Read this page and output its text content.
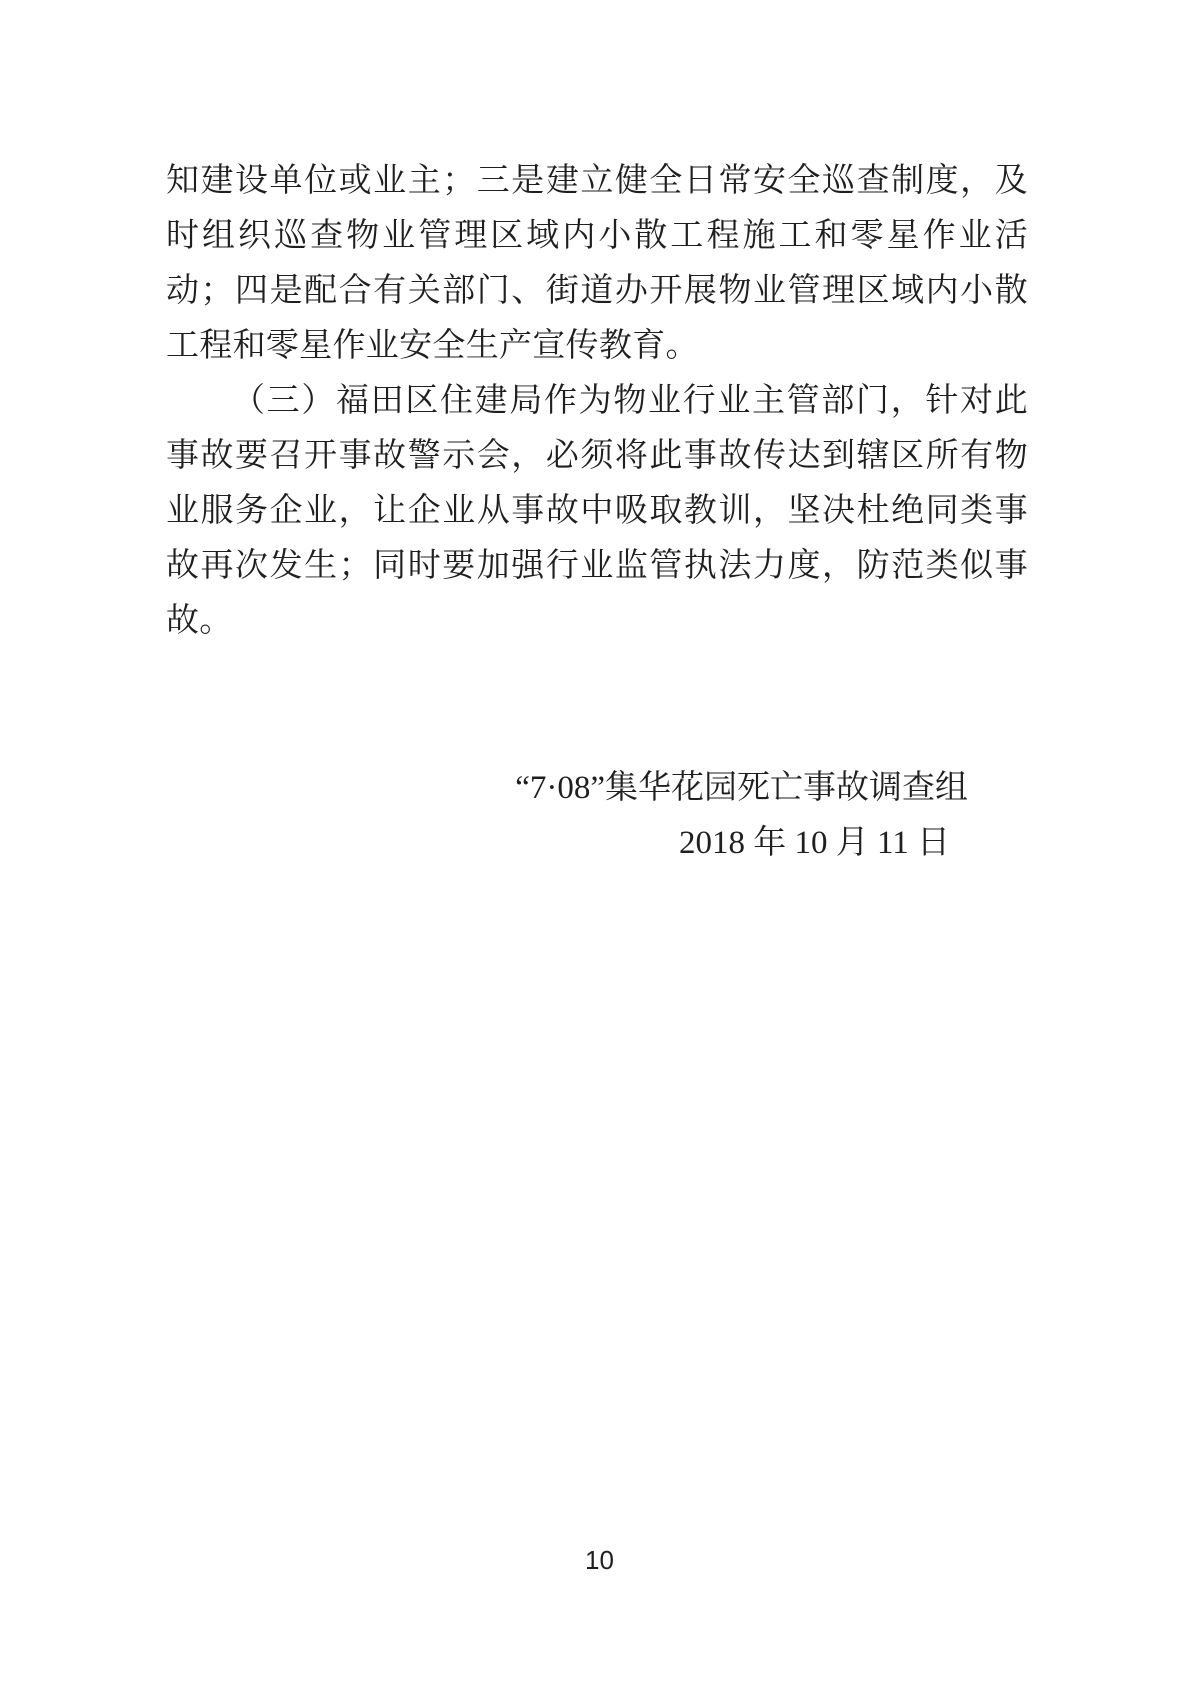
知建设单位或业主；三是建立健全日常安全巡查制度，及时组织巡查物业管理区域内小散工程施工和零星作业活动；四是配合有关部门、街道办开展物业管理区域内小散工程和零星作业安全生产宣传教育。

（三）福田区住建局作为物业行业主管部门，针对此事故要召开事故警示会，必须将此事故传达到辖区所有物业服务企业，让企业从事故中吸取教训，坚决杜绝同类事故再次发生；同时要加强行业监管执法力度，防范类似事故。

“7·08”集华花园死亡事故调查组
2018 年 10 月 11 日
10
